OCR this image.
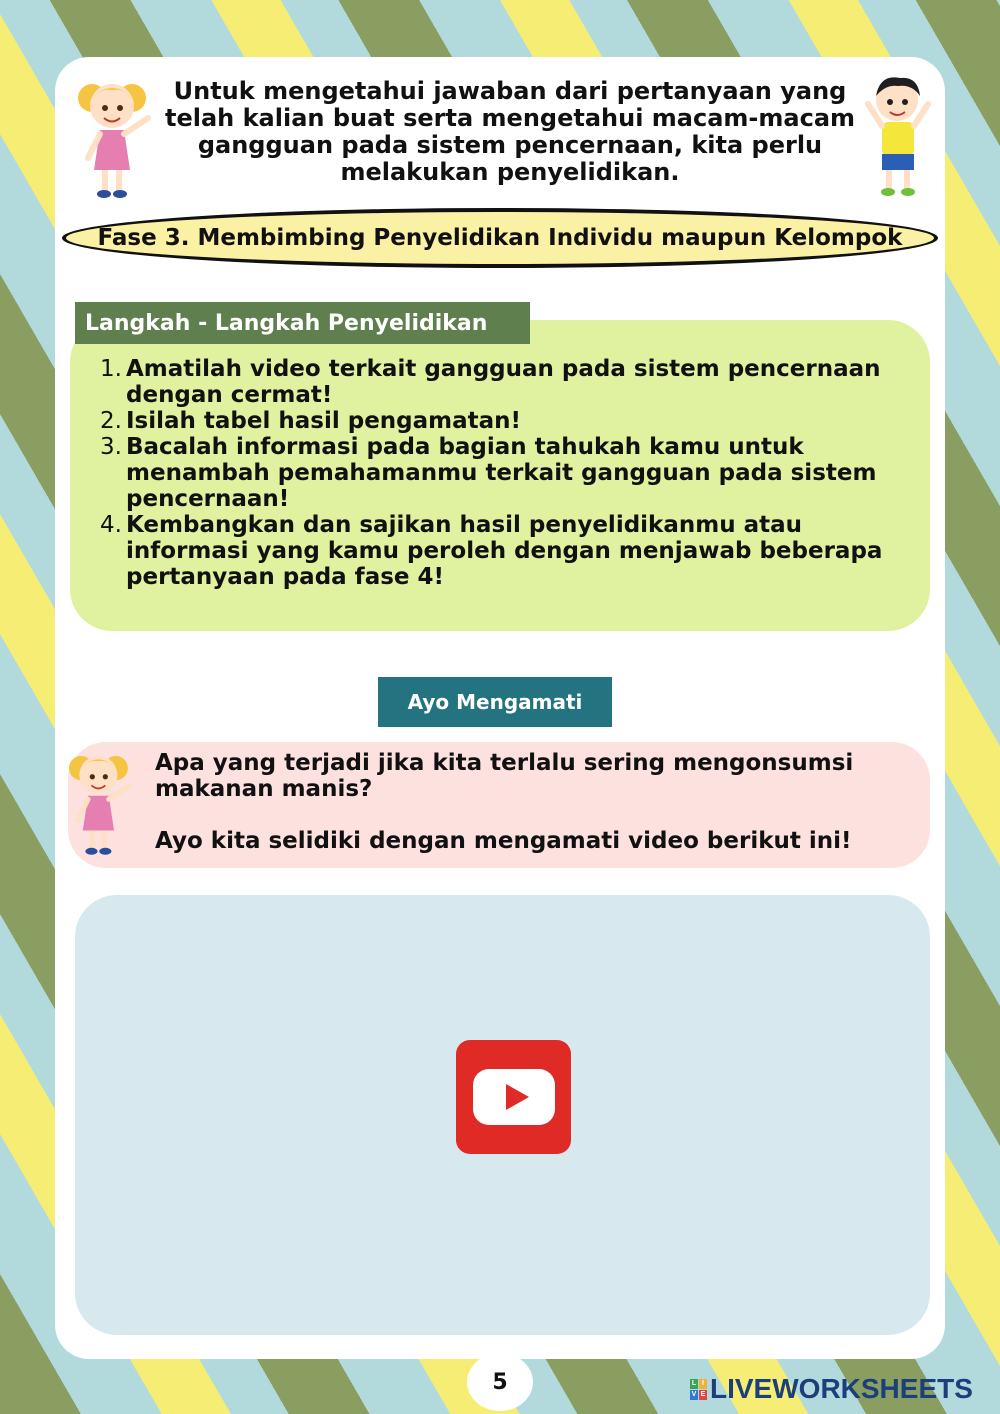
Untuk mengetahui jawaban dari pertanyaan yang telah kalian buat serta mengetahui macam-macam gangguan pada sistem pencernaan, kita perlu melakukan penyelidikan.
Fase 3. Membimbing Penyelidikan Individu maupun Kelompok
Langkah - Langkah Penyelidikan
1. Amatilah video terkait gangguan pada sistem pencernaan dengan cermat!
2. Isilah tabel hasil pengamatan!
3. Bacalah informasi pada bagian tahukah kamu untuk menambah pemahamanmu terkait gangguan pada sistem pencernaan!
4. Kembangkan dan sajikan hasil penyelidikanmu atau informasi yang kamu peroleh dengan menjawab beberapa pertanyaan pada fase 4!
Ayo Mengamati
Apa yang terjadi jika kita terlalu sering mengonsumsi makanan manis?
Ayo kita selidiki dengan mengamati video berikut ini!
5	L I
V E LIVEWORKSHEETS
